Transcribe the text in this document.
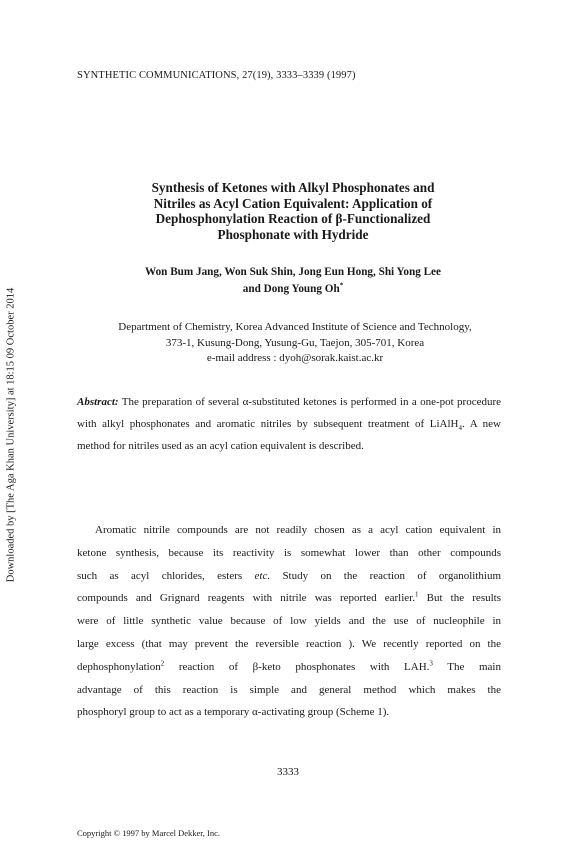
SYNTHETIC COMMUNICATIONS, 27(19), 3333–3339 (1997)
Downloaded by [The Aga Khan University] at 18:15 09 October 2014
Synthesis of Ketones with Alkyl Phosphonates and
Nitriles as Acyl Cation Equivalent: Application of
Dephosphonylation Reaction of β-Functionalized
Phosphonate with Hydride
Won Bum Jang, Won Suk Shin, Jong Eun Hong, Shi Yong Lee
and Dong Young Oh*
Department of Chemistry, Korea Advanced Institute of Science and Technology,
373-1, Kusung-Dong, Yusung-Gu, Taejon, 305-701, Korea
e-mail address : dyoh@sorak.kaist.ac.kr
Abstract: The preparation of several α-substituted ketones is performed in a one-pot procedure with alkyl phosphonates and aromatic nitriles by subsequent treatment of LiAlH$_4$. A new method for nitriles used as an acyl cation equivalent is described.
Aromatic nitrile compounds are not readily chosen as a acyl cation equivalent in
ketone synthesis, because its reactivity is somewhat lower than other compounds
such as acyl chlorides, esters etc. Study on the reaction of organolithium
compounds and Grignard reagents with nitrile was reported earlier.$^1$ But the results
were of little synthetic value because of low yields and the use of nucleophile in
large excess (that may prevent the reversible reaction ). We recently reported on the
dephosphonylation$^2$ reaction of β-keto phosphonates with LAH.$^3$ The main
advantage of this reaction is simple and general method which makes the
phosphoryl group to act as a temporary α-activating group (Scheme 1).
3333
Copyright © 1997 by Marcel Dekker, Inc.
